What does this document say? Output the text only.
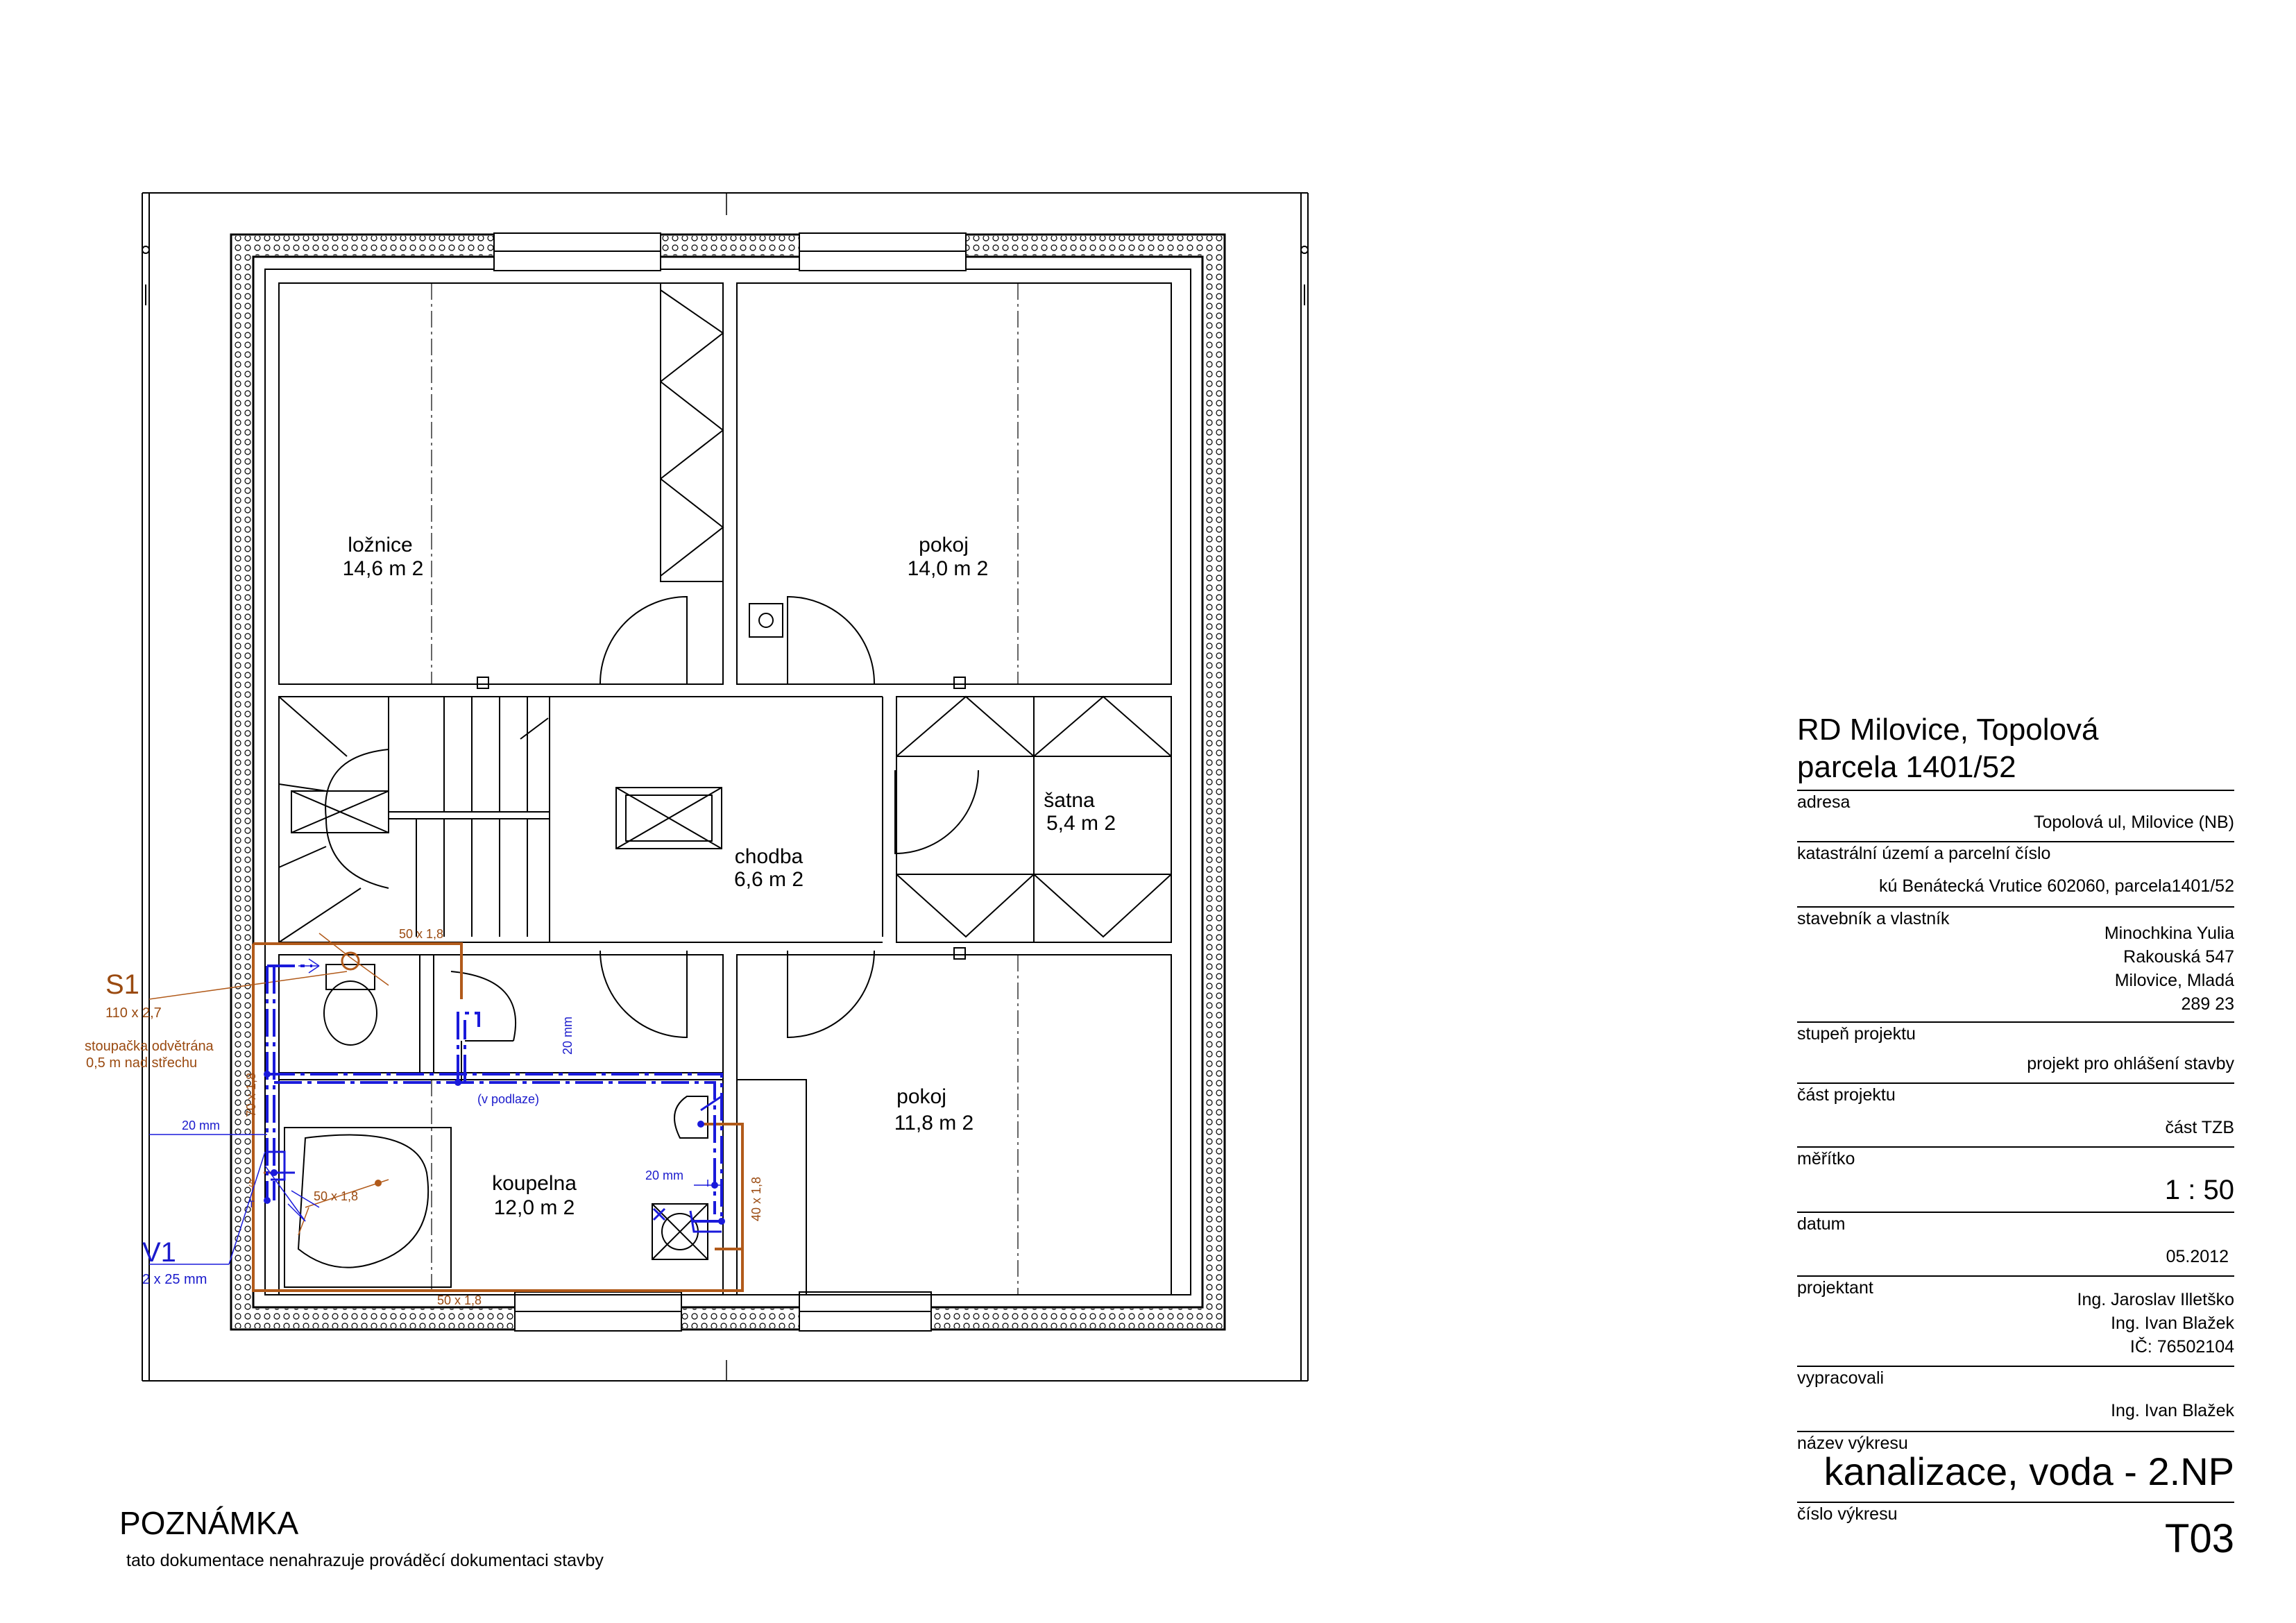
ložnice
14,6 m 2
pokoj
14,0 m 2
šatna
5,4 m 2
chodba
6,6 m 2
pokoj
11,8 m 2
koupelna
12,0 m 2
50 x 1,8
50 x 1,8
50 x 1,8	40 x 1,8
70 x 1,8
20 mm
20 mm
20 mm
(v podlaze)
S
T
S1
110 x 2,7
stoupačka odvětrána
0,5 m nad střechu
V1
2 x 25 mm
POZNÁMKA
tato dokumentace nenahrazuje prováděcí dokumentaci stavby
RD Milovice, Topolová
parcela 1401/52
adresa
Topolová ul, Milovice (NB)
katastrální území a parcelní číslo
kú Benátecká Vrutice 602060, parcela1401/52
stavebník a vlastník
Minochkina Yulia
Rakouská 547
Milovice, Mladá
289 23
stupeň projektu
projekt pro ohlášení stavby
část projektu
část TZB
měřítko
1 : 50
datum
05.2012
projektant
Ing. Jaroslav Illetško
Ing. Ivan Blažek
IČ: 76502104
vypracovali
Ing. Ivan Blažek
název výkresu
kanalizace, voda - 2.NP
číslo výkresu
T03
